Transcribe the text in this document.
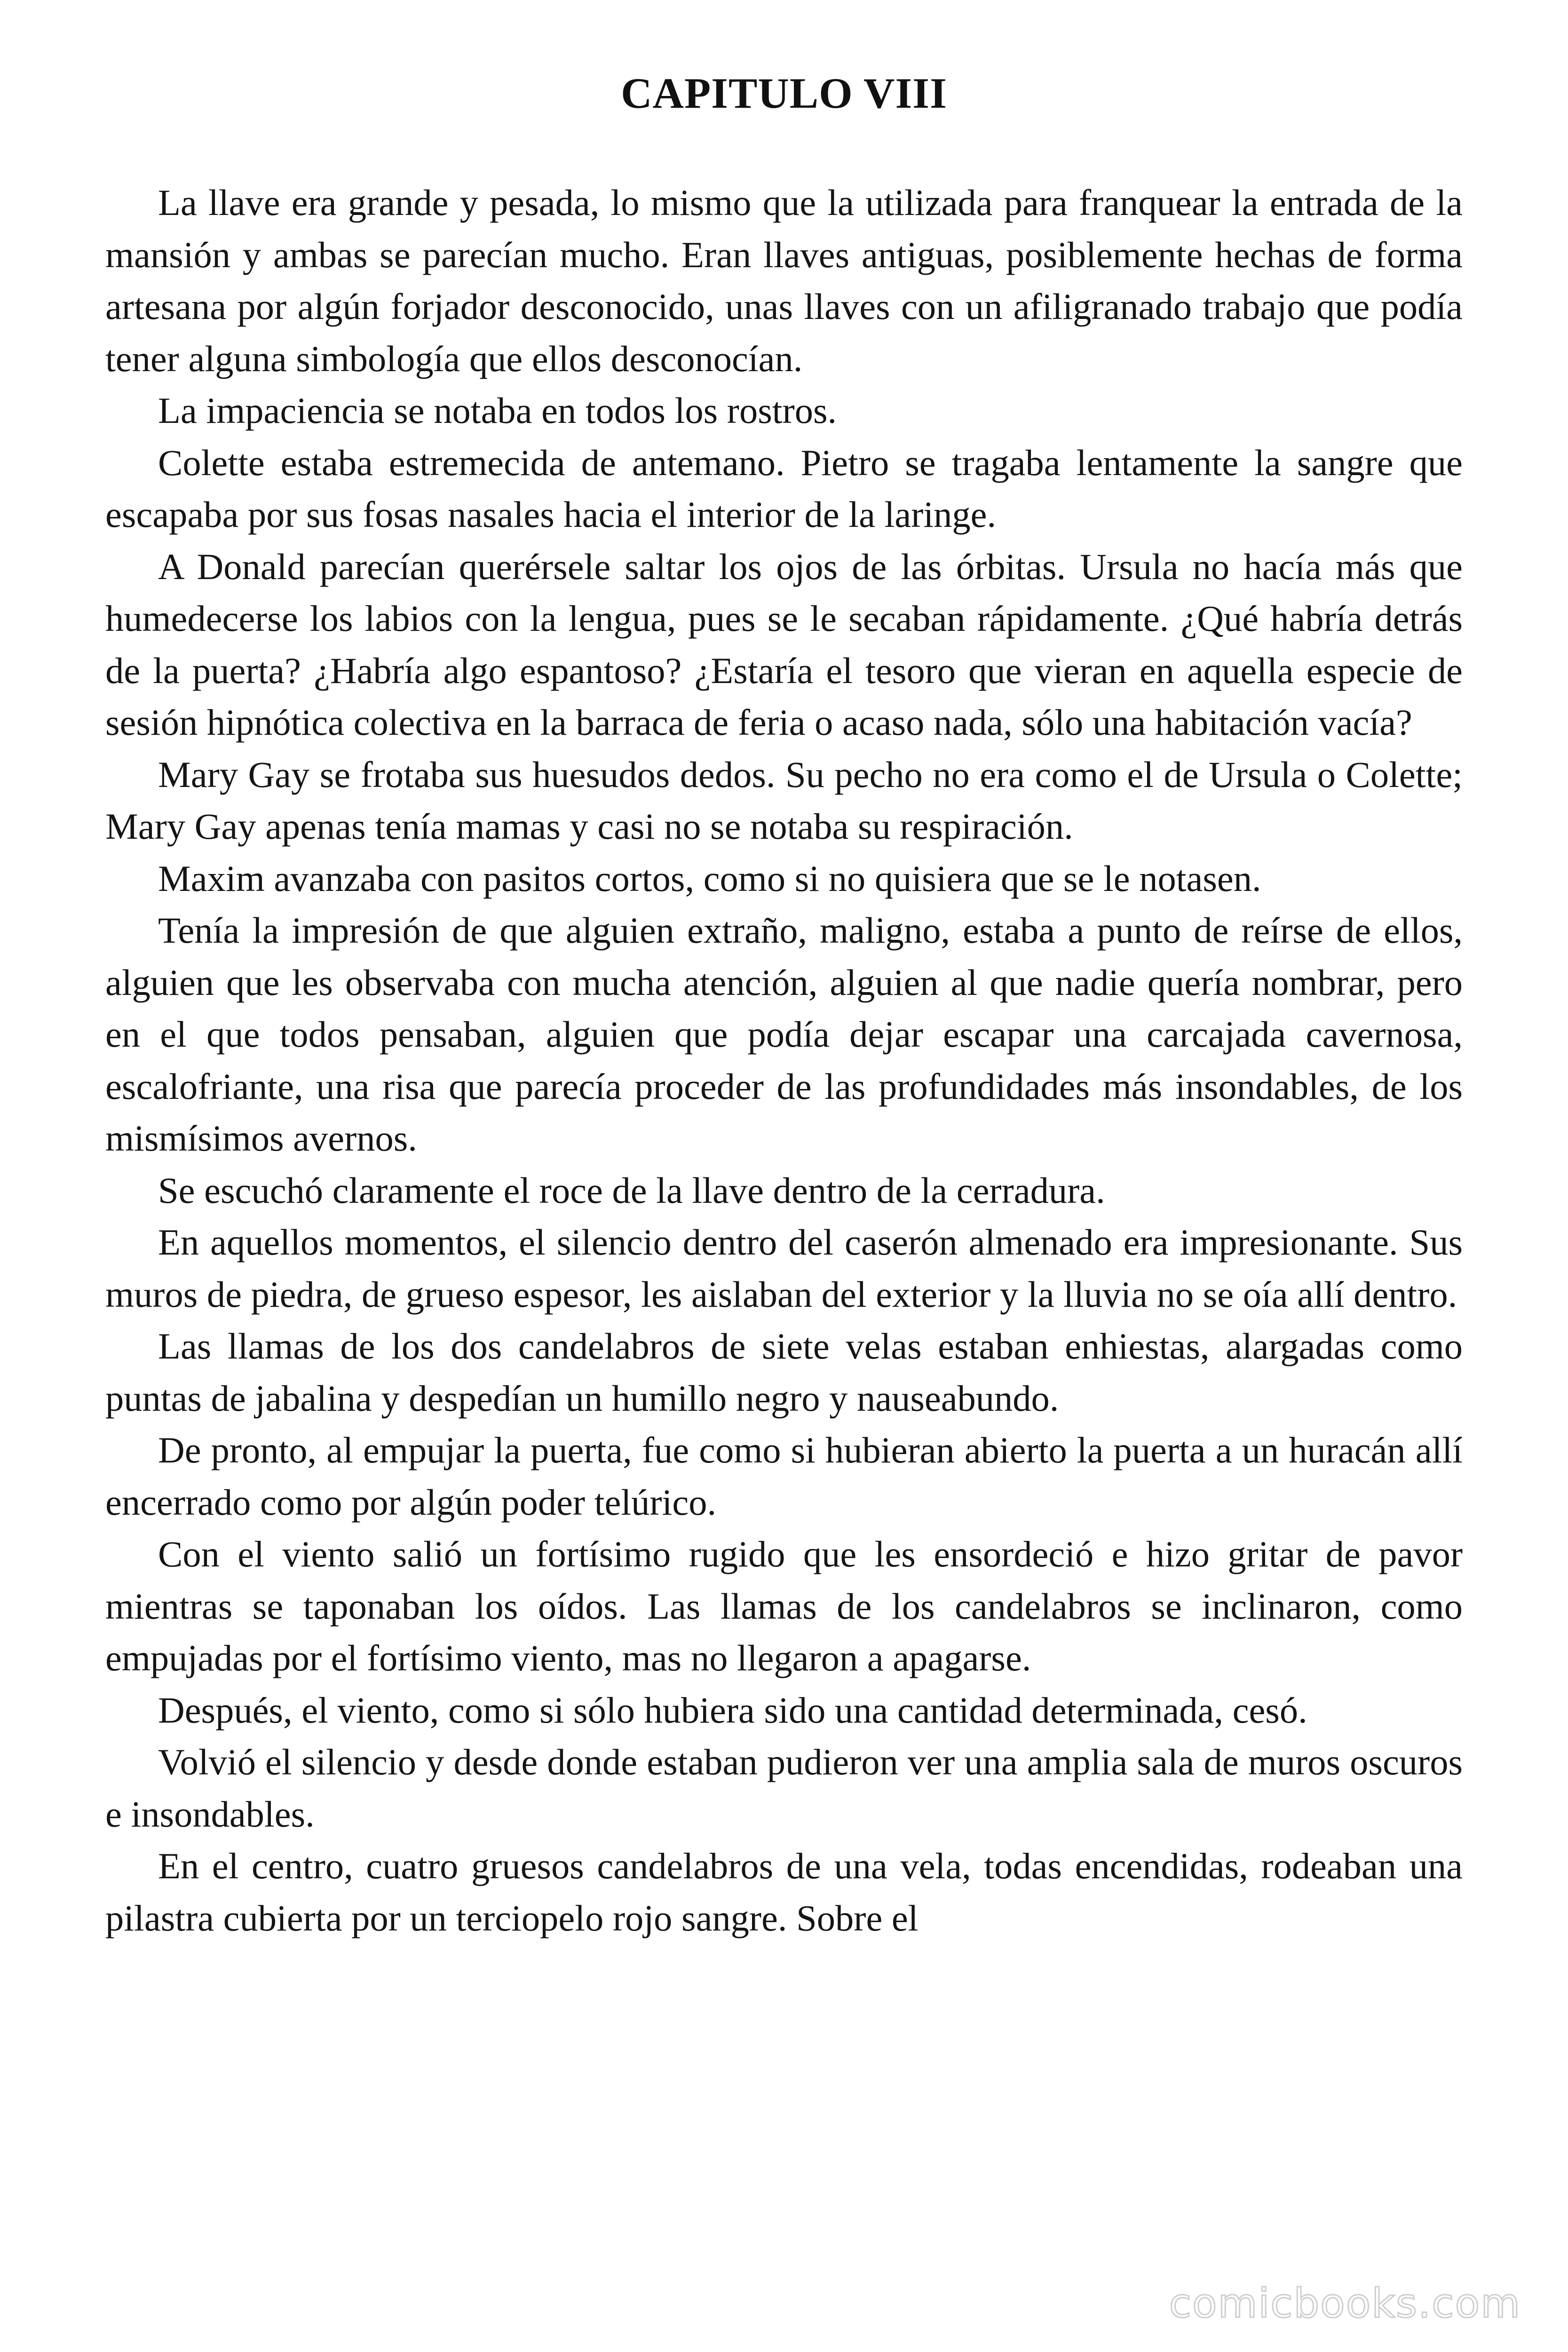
CAPITULO VIII

La llave era grande y pesada, lo mismo que la utilizada para franquear la entrada de la mansión y ambas se parecían mucho. Eran llaves antiguas, posiblemente hechas de forma artesana por algún forjador desconocido, unas llaves con un afiligranado trabajo que podía tener alguna simbología que ellos desconocían.

La impaciencia se notaba en todos los rostros.

Colette estaba estremecida de antemano. Pietro se tragaba lentamente la sangre que escapaba por sus fosas nasales hacia el interior de la laringe.

A Donald parecían querérsele saltar los ojos de las órbitas. Ursula no hacía más que humedecerse los labios con la lengua, pues se le secaban rápidamente. ¿Qué habría detrás de la puerta? ¿Habría algo espantoso? ¿Estaría el tesoro que vieran en aquella especie de sesión hipnótica colectiva en la barraca de feria o acaso nada, sólo una habitación vacía?

Mary Gay se frotaba sus huesudos dedos. Su pecho no era como el de Ursula o Colette; Mary Gay apenas tenía mamas y casi no se notaba su respiración.

Maxim avanzaba con pasitos cortos, como si no quisiera que se le notasen.

Tenía la impresión de que alguien extraño, maligno, estaba a punto de reírse de ellos, alguien que les observaba con mucha atención, alguien al que nadie quería nombrar, pero en el que todos pensaban, alguien que podía dejar escapar una carcajada cavernosa, escalofriante, una risa que parecía proceder de las profundidades más insondables, de los mismísimos avernos.

Se escuchó claramente el roce de la llave dentro de la cerradura.

En aquellos momentos, el silencio dentro del caserón almenado era impresionante. Sus muros de piedra, de grueso espesor, les aislaban del exterior y la lluvia no se oía allí dentro.

Las llamas de los dos candelabros de siete velas estaban enhiestas, alargadas como puntas de jabalina y despedían un humillo negro y nauseabundo.

De pronto, al empujar la puerta, fue como si hubieran abierto la puerta a un huracán allí encerrado como por algún poder telúrico.

Con el viento salió un fortísimo rugido que les ensordeció e hizo gritar de pavor mientras se taponaban los oídos. Las llamas de los candelabros se inclinaron, como empujadas por el fortísimo viento, mas no llegaron a apagarse.

Después, el viento, como si sólo hubiera sido una cantidad determinada, cesó.

Volvió el silencio y desde donde estaban pudieron ver una amplia sala de muros oscuros e insondables.

En el centro, cuatro gruesos candelabros de una vela, todas encendidas, rodeaban una pilastra cubierta por un terciopelo rojo sangre. Sobre el

comicbooks.com
